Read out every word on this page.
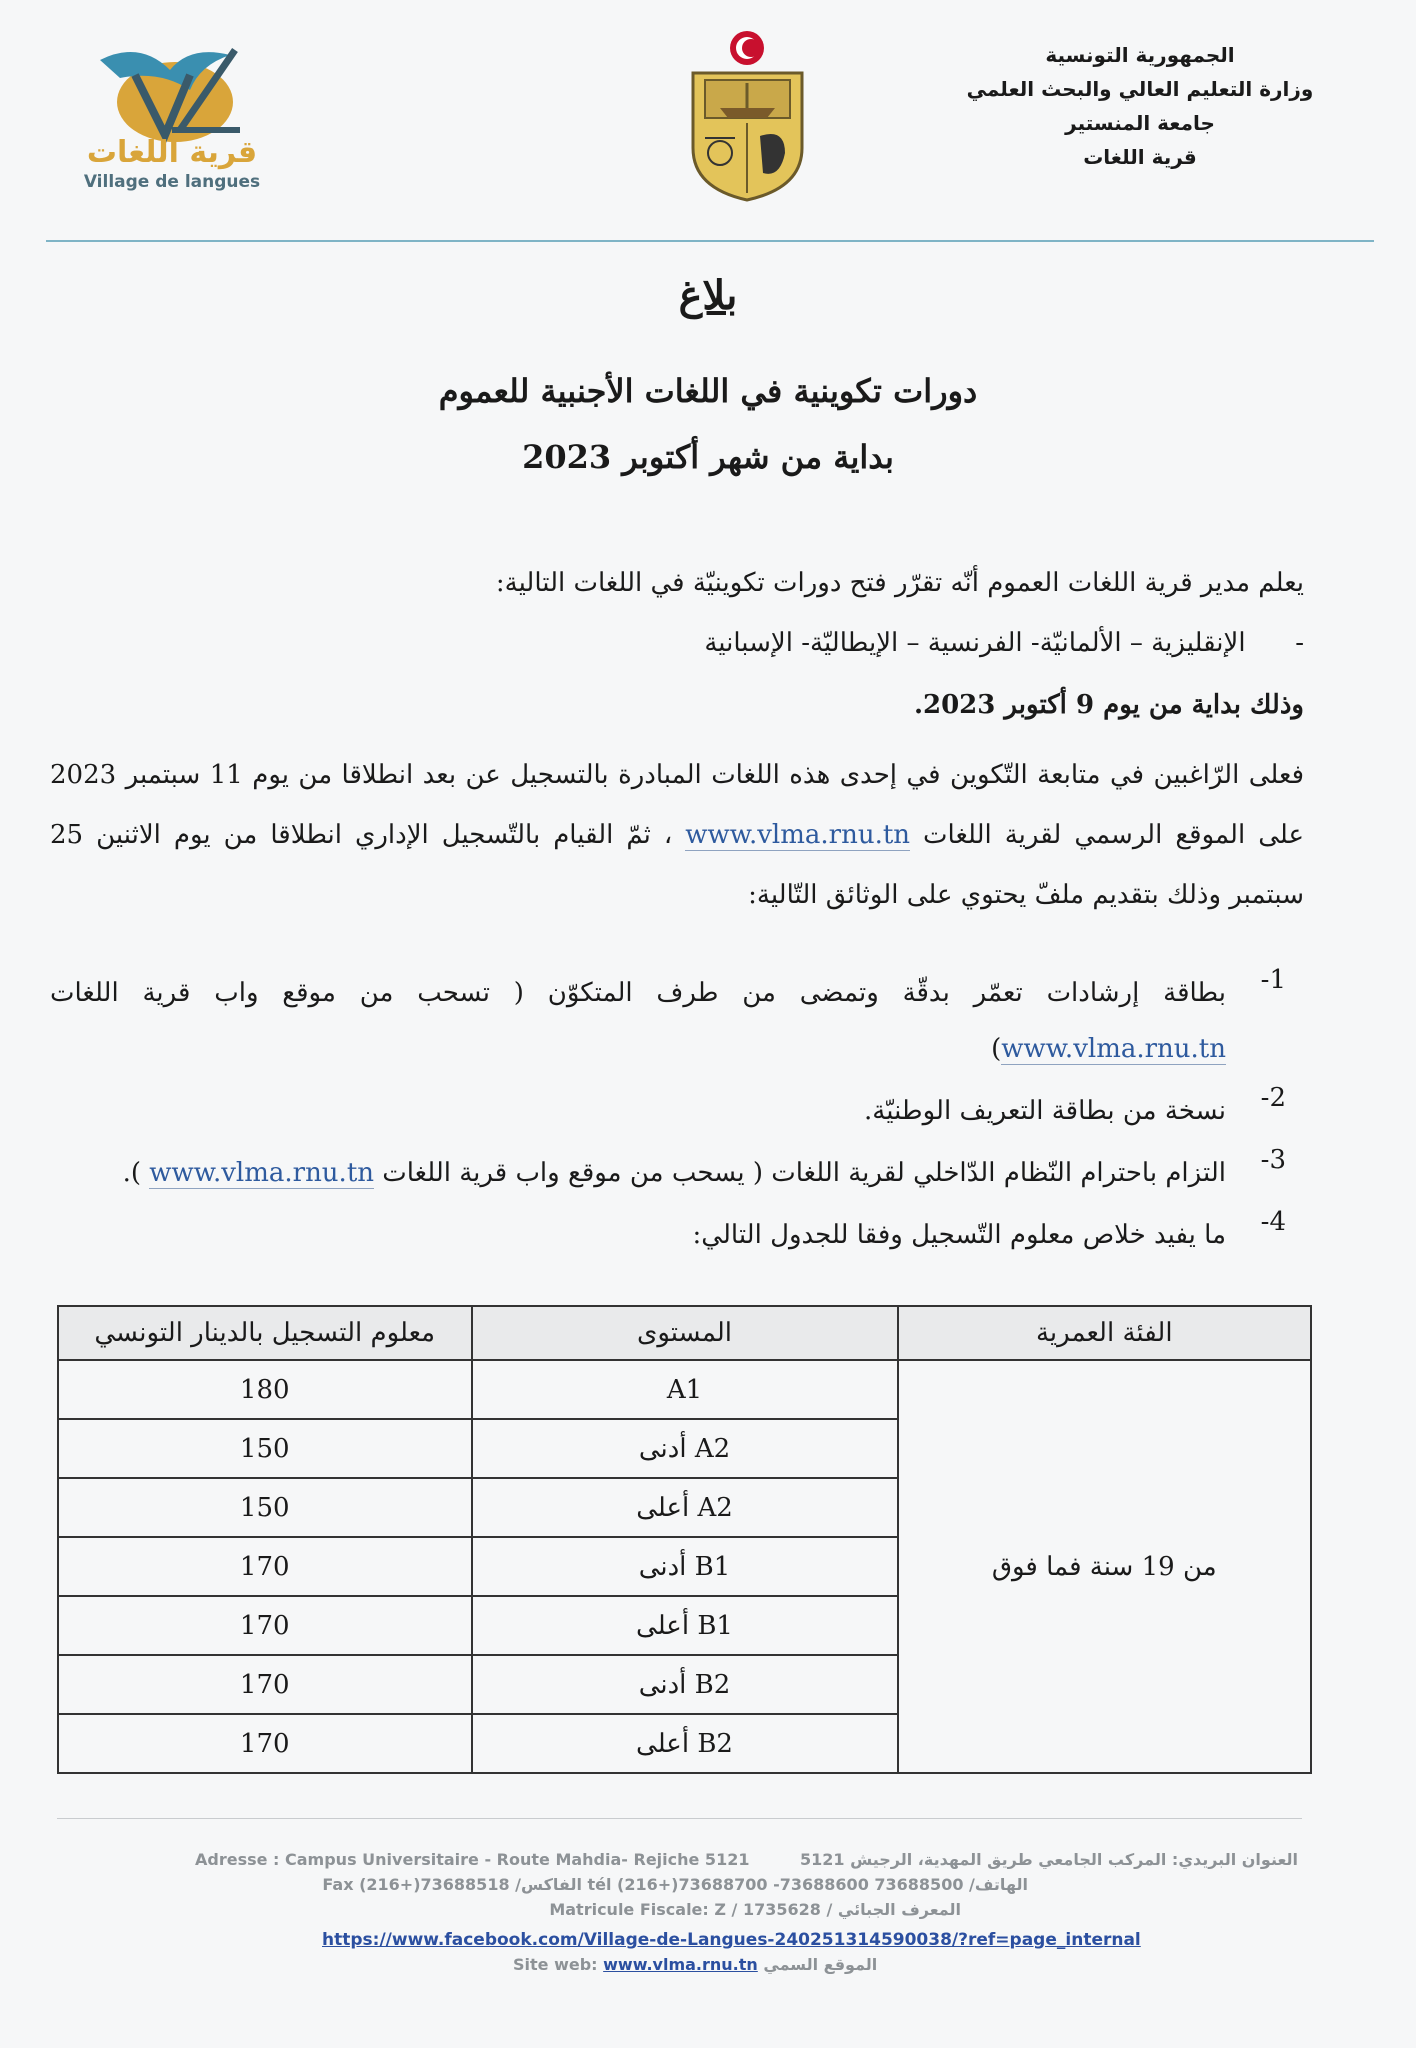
قرية اللغات
Village de langues
الجمهورية التونسية
وزارة التعليم العالي والبحث العلمي
جامعة المنستير
قرية اللغات
بلاغ
دورات تكوينية في اللغات الأجنبية للعموم
بداية من شهر أكتوبر 2023
يعلم مدير قرية اللغات العموم أنّه تقرّر فتح دورات تكوينيّة في اللغات التالية:
-      الإنقليزية – الألمانيّة- الفرنسية – الإيطاليّة- الإسبانية
وذلك بداية من يوم 9 أكتوبر 2023.
فعلى الرّاغبين في متابعة التّكوين في إحدى هذه اللغات المبادرة بالتسجيل عن بعد انطلاقا من يوم 11 سبتمبر 2023 على الموقع الرسمي لقرية اللغات www.vlma.rnu.tn ، ثمّ القيام بالتّسجيل الإداري انطلاقا من يوم الاثنين 25 سبتمبر وذلك بتقديم ملفّ يحتوي على الوثائق التّالية:
1-
بطاقة إرشادات تعمّر بدقّة وتمضى من طرف المتكوّن ( تسحب من موقع واب قرية اللغات www.vlma.rnu.tn)
2-
نسخة من بطاقة التعريف الوطنيّة.
3-
التزام باحترام النّظام الدّاخلي لقرية اللغات ( يسحب من موقع واب قرية اللغات www.vlma.rnu.tn ).
4-
ما يفيد خلاص معلوم التّسجيل وفقا للجدول التالي:
الفئة العمرية	المستوى	معلوم التسجيل بالدينار التونسي
من 19 سنة فما فوق	A1	180
	A2 أدنى	150
	A2 أعلى	150
	B1 أدنى	170
	B1 أعلى	170
	B2 أدنى	170
	B2 أعلى	170
Adresse : Campus Universitaire - Route Mahdia- Rejiche 5121	العنوان البريدي: المركب الجامعي طريق المهدية، الرجيش 5121
الهاتف/ tél (216+)73688700 -73688600 73688500 الفاكس/ Fax (216+)73688518
المعرف الجبائي / Matricule Fiscale: Z / 1735628
https://www.facebook.com/Village-de-Langues-240251314590038/?ref=page_internal
Site web: www.vlma.rnu.tn الموقع السمي
